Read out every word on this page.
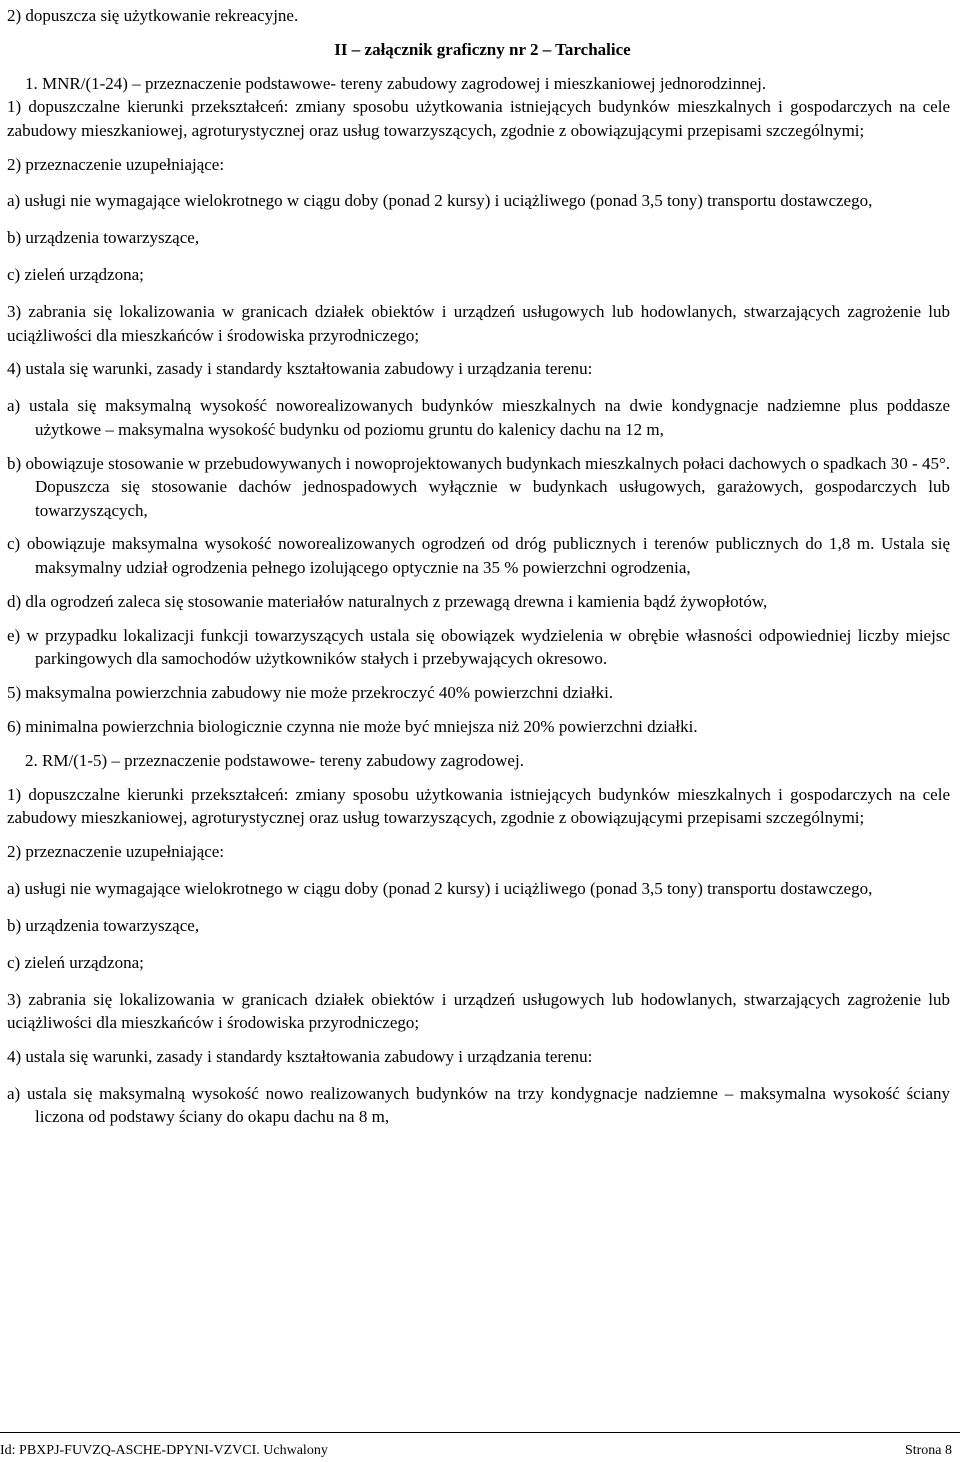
2) dopuszcza się użytkowanie rekreacyjne.

II – załącznik graficzny nr 2 – Tarchalice

1. MNR/(1-24) – przeznaczenie podstawowe- tereny zabudowy zagrodowej i mieszkaniowej jednorodzinnej.

1) dopuszczalne kierunki przekształceń: zmiany sposobu użytkowania istniejących budynków mieszkalnych i gospodarczych na cele zabudowy mieszkaniowej, agroturystycznej oraz usług towarzyszących, zgodnie z obowiązującymi przepisami szczególnymi;

2) przeznaczenie uzupełniające:

a) usługi nie wymagające wielokrotnego w ciągu doby (ponad 2 kursy) i uciążliwego (ponad 3,5 tony) transportu dostawczego,

b) urządzenia towarzyszące,

c) zieleń urządzona;

3) zabrania się lokalizowania w granicach działek obiektów i urządzeń usługowych lub hodowlanych, stwarzających zagrożenie lub uciążliwości dla mieszkańców i środowiska przyrodniczego;

4) ustala się warunki, zasady i standardy kształtowania zabudowy i urządzania terenu:

a) ustala się maksymalną wysokość noworealizowanych budynków mieszkalnych na dwie kondygnacje nadziemne plus poddasze użytkowe – maksymalna wysokość budynku od poziomu gruntu do kalenicy dachu na 12 m,

b) obowiązuje stosowanie w przebudowywanych i nowoprojektowanych budynkach mieszkalnych połaci dachowych o spadkach 30 - 45°. Dopuszcza się stosowanie dachów jednospadowych wyłącznie w budynkach usługowych, garażowych, gospodarczych lub towarzyszących,

c) obowiązuje maksymalna wysokość noworealizowanych ogrodzeń od dróg publicznych i terenów publicznych do 1,8 m. Ustala się maksymalny udział ogrodzenia pełnego izolującego optycznie na 35 % powierzchni ogrodzenia,

d) dla ogrodzeń zaleca się stosowanie materiałów naturalnych z przewagą drewna i kamienia bądź żywopłotów,

e) w przypadku lokalizacji funkcji towarzyszących ustala się obowiązek wydzielenia w obrębie własności odpowiedniej liczby miejsc parkingowych dla samochodów użytkowników stałych i przebywających okresowo.

5) maksymalna powierzchnia zabudowy nie może przekroczyć 40% powierzchni działki.

6) minimalna powierzchnia biologicznie czynna nie może być mniejsza niż 20% powierzchni działki.

2. RM/(1-5) – przeznaczenie podstawowe- tereny zabudowy zagrodowej.

1) dopuszczalne kierunki przekształceń: zmiany sposobu użytkowania istniejących budynków mieszkalnych i gospodarczych na cele zabudowy mieszkaniowej, agroturystycznej oraz usług towarzyszących, zgodnie z obowiązującymi przepisami szczególnymi;

2) przeznaczenie uzupełniające:

a) usługi nie wymagające wielokrotnego w ciągu doby (ponad 2 kursy) i uciążliwego (ponad 3,5 tony) transportu dostawczego,

b) urządzenia towarzyszące,

c) zieleń urządzona;

3) zabrania się lokalizowania w granicach działek obiektów i urządzeń usługowych lub hodowlanych, stwarzających zagrożenie lub uciążliwości dla mieszkańców i środowiska przyrodniczego;

4) ustala się warunki, zasady i standardy kształtowania zabudowy i urządzania terenu:

a) ustala się maksymalną wysokość nowo realizowanych budynków na trzy kondygnacje nadziemne – maksymalna wysokość ściany liczona od podstawy ściany do okapu dachu na 8 m,

Id: PBXPJ-FUVZQ-ASCHE-DPYNI-VZVCI. Uchwalony	Strona 8
